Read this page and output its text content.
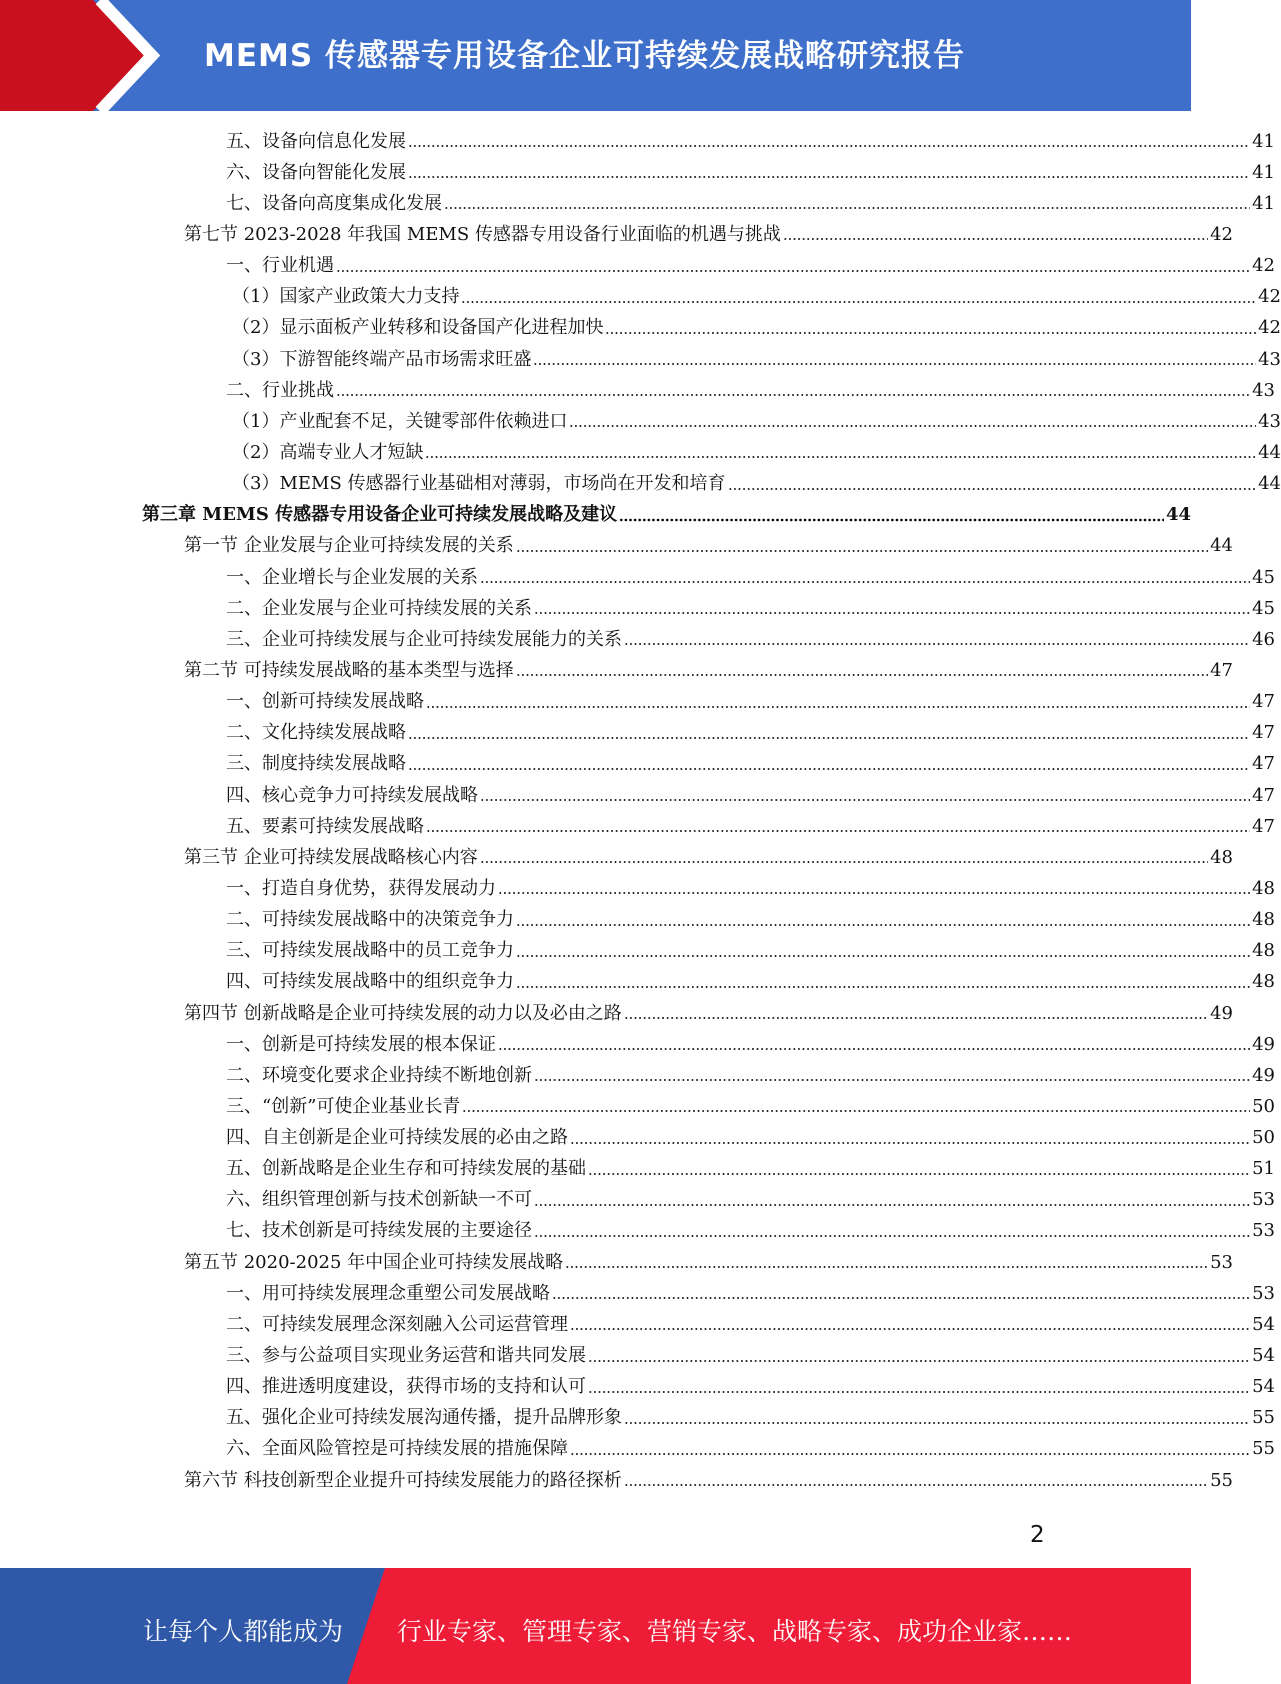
MEMS 传感器专用设备企业可持续发展战略研究报告
五、设备向信息化发展	41
六、设备向智能化发展	41
七、设备向高度集成化发展	41
第七节 2023-2028 年我国 MEMS 传感器专用设备行业面临的机遇与挑战	42
一、行业机遇	42
（1）国家产业政策大力支持	42
（2）显示面板产业转移和设备国产化进程加快	42
（3）下游智能终端产品市场需求旺盛	43
二、行业挑战	43
（1）产业配套不足，关键零部件依赖进口	43
（2）高端专业人才短缺	44
（3）MEMS 传感器行业基础相对薄弱，市场尚在开发和培育	44
第三章 MEMS 传感器专用设备企业可持续发展战略及建议	44
第一节 企业发展与企业可持续发展的关系	44
一、企业增长与企业发展的关系	45
二、企业发展与企业可持续发展的关系	45
三、企业可持续发展与企业可持续发展能力的关系	46
第二节 可持续发展战略的基本类型与选择	47
一、创新可持续发展战略	47
二、文化持续发展战略	47
三、制度持续发展战略	47
四、核心竞争力可持续发展战略	47
五、要素可持续发展战略	47
第三节 企业可持续发展战略核心内容	48
一、打造自身优势，获得发展动力	48
二、可持续发展战略中的决策竞争力	48
三、可持续发展战略中的员工竞争力	48
四、可持续发展战略中的组织竞争力	48
第四节 创新战略是企业可持续发展的动力以及必由之路	49
一、创新是可持续发展的根本保证	49
二、环境变化要求企业持续不断地创新	49
三、“创新”可使企业基业长青	50
四、自主创新是企业可持续发展的必由之路	50
五、创新战略是企业生存和可持续发展的基础	51
六、组织管理创新与技术创新缺一不可	53
七、技术创新是可持续发展的主要途径	53
第五节 2020-2025 年中国企业可持续发展战略	53
一、用可持续发展理念重塑公司发展战略	53
二、可持续发展理念深刻融入公司运营管理	54
三、参与公益项目实现业务运营和谐共同发展	54
四、推进透明度建设，获得市场的支持和认可	54
五、强化企业可持续发展沟通传播，提升品牌形象	55
六、全面风险管控是可持续发展的措施保障	55
第六节 科技创新型企业提升可持续发展能力的路径探析	55
2
让每个人都能成为 行业专家、管理专家、营销专家、战略专家、成功企业家……
